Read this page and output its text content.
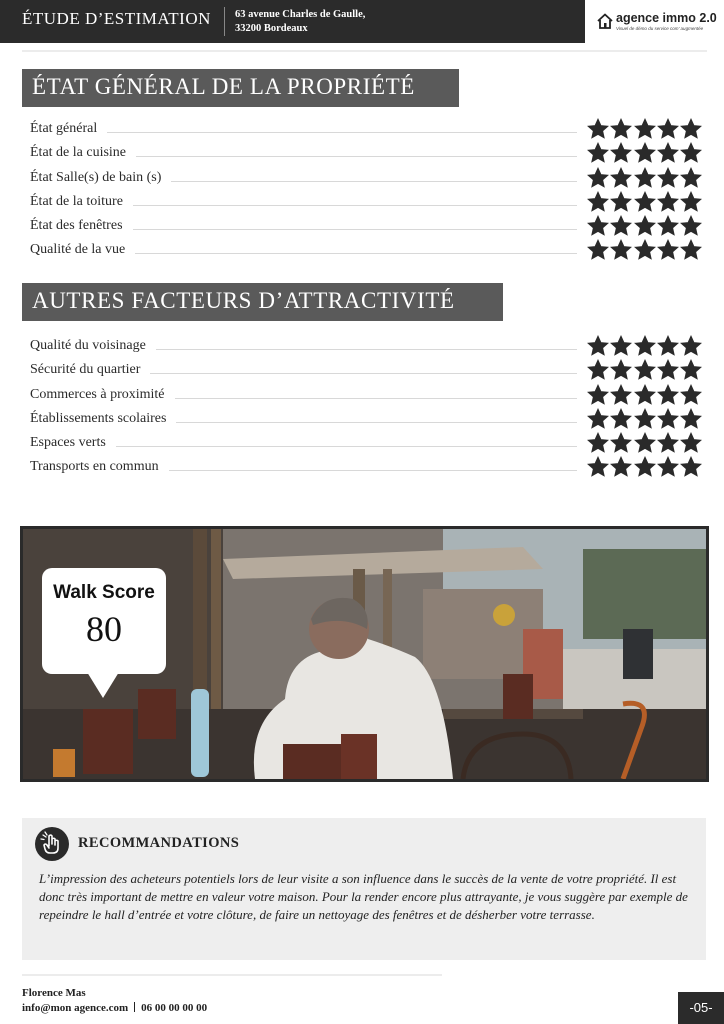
ÉTUDE D’ESTIMATION 63 avenue Charles de Gaulle,
33200 Bordeaux
agence immo 2.0
Visuel de démo du service com' augmentée
ÉTAT GÉNÉRAL DE LA PROPRIÉTÉ
État général
État de la cuisine
État Salle(s) de bain (s)
État de la toiture
État des fenêtres
Qualité de la vue
AUTRES FACTEURS D’ATTRACTIVITÉ
Qualité du voisinage
Sécurité du quartier
Commerces à proximité
Établissements scolaires
Espaces verts
Transports en commun
Walk Score
80
RECOMMANDATIONS
L’impression des acheteurs potentiels lors de leur visite a son influence dans le succès de la vente de votre propriété. Il est donc très important de mettre en valeur votre maison. Pour la render encore plus attrayante, je vous suggère par exemple de repeindre le hall d’entrée et votre clôture, de faire un nettoyage des fenêtres et de désherber votre terrasse.
Florence Mas
info@mon agence.com 06 00 00 00 00	-05-
